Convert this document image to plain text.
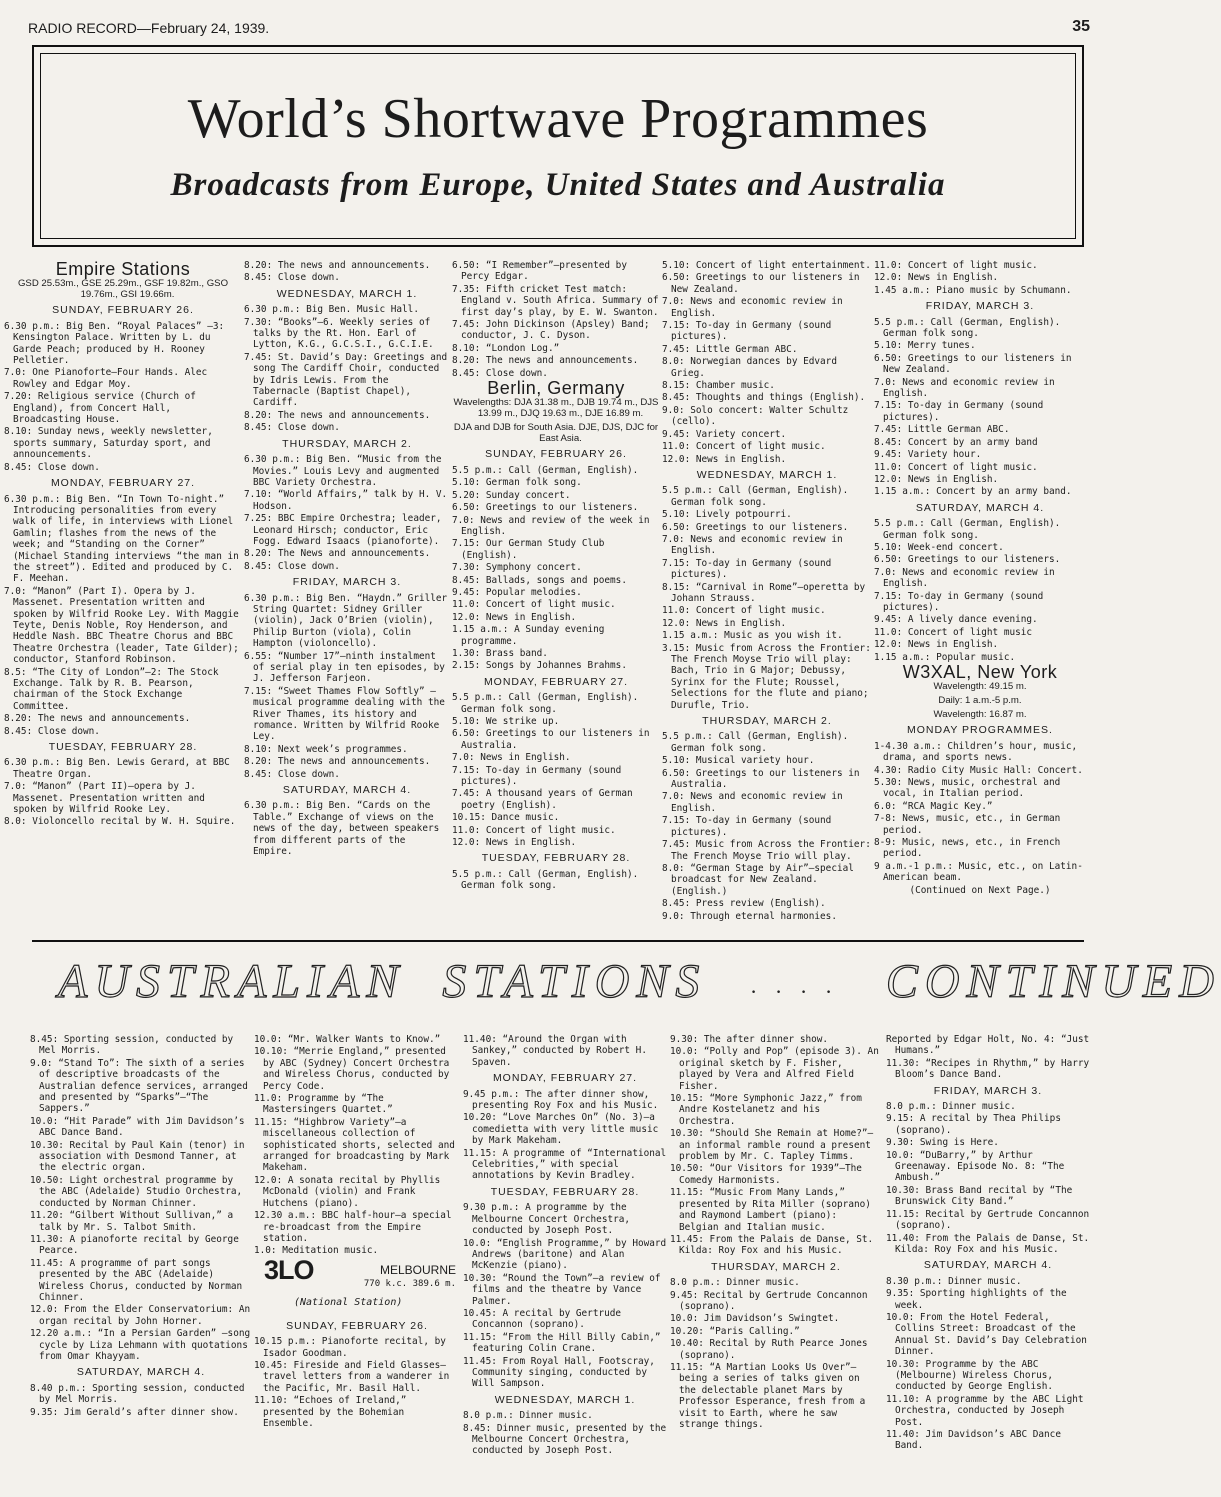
RADIO RECORD—February 24, 1939.	35
World’s Shortwave Programmes
Broadcasts from Europe, United States and Australia
Empire Stations

GSD 25.53m., GSE 25.29m., GSF 19.82m., GSO 19.76m., GSI 19.66m.

SUNDAY, FEBRUARY 26.

6.30 p.m.: Big Ben. “Royal Palaces” —3: Kensington Palace. Written by L. du Garde Peach; produced by H. Rooney Pelletier.

7.0: One Pianoforte—Four Hands. Alec Rowley and Edgar Moy.

7.20: Religious service (Church of England), from Concert Hall, Broadcasting House.

8.10: Sunday news, weekly newsletter, sports summary, Saturday sport, and announcements.

8.45: Close down.

MONDAY, FEBRUARY 27.

6.30 p.m.: Big Ben. “In Town To-night.” Introducing personalities from every walk of life, in interviews with Lionel Gamlin; flashes from the news of the week; and “Standing on the Corner” (Michael Standing interviews “the man in the street”). Edited and produced by C. F. Meehan.

7.0: “Manon” (Part I). Opera by J. Massenet. Presentation written and spoken by Wilfrid Rooke Ley. With Maggie Teyte, Denis Noble, Roy Henderson, and Heddle Nash. BBC Theatre Chorus and BBC Theatre Orchestra (leader, Tate Gilder); conductor, Stanford Robinson.

8.5: “The City of London”—2: The Stock Exchange. Talk by R. B. Pearson, chairman of the Stock Exchange Committee.

8.20: The news and announcements.

8.45: Close down.

TUESDAY, FEBRUARY 28.

6.30 p.m.: Big Ben. Lewis Gerard, at BBC Theatre Organ.

7.0: “Manon” (Part II)—opera by J. Massenet. Presentation written and spoken by Wilfrid Rooke Ley.

8.0: Violoncello recital by W. H. Squire.

8.20: The news and announcements.

8.45: Close down.

WEDNESDAY, MARCH 1.

6.30 p.m.: Big Ben. Music Hall.

7.30: “Books”—6. Weekly series of talks by the Rt. Hon. Earl of Lytton, K.G., G.C.S.I., G.C.I.E.

7.45: St. David’s Day: Greetings and song The Cardiff Choir, conducted by Idris Lewis. From the Tabernacle (Baptist Chapel), Cardiff.

8.20: The news and announcements.

8.45: Close down.

THURSDAY, MARCH 2.

6.30 p.m.: Big Ben. “Music from the Movies.” Louis Levy and augmented BBC Variety Orchestra.

7.10: “World Affairs,” talk by H. V. Hodson.

7.25: BBC Empire Orchestra; leader, Leonard Hirsch; conductor, Eric Fogg. Edward Isaacs (pianoforte).

8.20: The News and announcements.

8.45: Close down.

FRIDAY, MARCH 3.

6.30 p.m.: Big Ben. “Haydn.” Griller String Quartet: Sidney Griller (violin), Jack O’Brien (violin), Philip Burton (viola), Colin Hampton (violoncello).

6.55: “Number 17”—ninth instalment of serial play in ten episodes, by J. Jefferson Farjeon.

7.15: “Sweet Thames Flow Softly” —musical programme dealing with the River Thames, its history and romance. Written by Wilfrid Rooke Ley.

8.10: Next week’s programmes.

8.20: The news and announcements.

8.45: Close down.

SATURDAY, MARCH 4.

6.30 p.m.: Big Ben. “Cards on the Table.” Exchange of views on the news of the day, between speakers from different parts of the Empire.

6.50: “I Remember”—presented by Percy Edgar.

7.35: Fifth cricket Test match: England v. South Africa. Summary of first day’s play, by E. W. Swanton.

7.45: John Dickinson (Apsley) Band; conductor, J. C. Dyson.

8.10: “London Log.”

8.20: The news and announcements.

8.45: Close down.

Berlin, Germany

Wavelengths: DJA 31.38 m., DJB 19.74 m., DJS 13.99 m., DJQ 19.63 m., DJE 16.89 m.

DJA and DJB for South Asia. DJE, DJS, DJC for East Asia.

SUNDAY, FEBRUARY 26.

5.5 p.m.: Call (German, English).

5.10: German folk song.

5.20: Sunday concert.

6.50: Greetings to our listeners.

7.0: News and review of the week in English.

7.15: Our German Study Club (English).

7.30: Symphony concert.

8.45: Ballads, songs and poems.

9.45: Popular melodies.

11.0: Concert of light music.

12.0: News in English.

1.15 a.m.: A Sunday evening programme.

1.30: Brass band.

2.15: Songs by Johannes Brahms.

MONDAY, FEBRUARY 27.

5.5 p.m.: Call (German, English). German folk song.

5.10: We strike up.

6.50: Greetings to our listeners in Australia.

7.0: News in English.

7.15: To-day in Germany (sound pictures).

7.45: A thousand years of German poetry (English).

10.15: Dance music.

11.0: Concert of light music.

12.0: News in English.

TUESDAY, FEBRUARY 28.

5.5 p.m.: Call (German, English). German folk song.

5.10: Concert of light entertainment.

6.50: Greetings to our listeners in New Zealand.

7.0: News and economic review in English.

7.15: To-day in Germany (sound pictures).

7.45: Little German ABC.

8.0: Norwegian dances by Edvard Grieg.

8.15: Chamber music.

8.45: Thoughts and things (English).

9.0: Solo concert: Walter Schultz (cello).

9.45: Variety concert.

11.0: Concert of light music.

12.0: News in English.

WEDNESDAY, MARCH 1.

5.5 p.m.: Call (German, English). German folk song.

5.10: Lively potpourri.

6.50: Greetings to our listeners.

7.0: News and economic review in English.

7.15: To-day in Germany (sound pictures).

8.15: “Carnival in Rome”—operetta by Johann Strauss.

11.0: Concert of light music.

12.0: News in English.

1.15 a.m.: Music as you wish it.

3.15: Music from Across the Frontier: The French Moyse Trio will play: Bach, Trio in G Major; Debussy, Syrinx for the Flute; Roussel, Selections for the flute and piano; Durufle, Trio.

THURSDAY, MARCH 2.

5.5 p.m.: Call (German, English). German folk song.

5.10: Musical variety hour.

6.50: Greetings to our listeners in Australia.

7.0: News and economic review in English.

7.15: To-day in Germany (sound pictures).

7.45: Music from Across the Frontier: The French Moyse Trio will play.

8.0: “German Stage by Air”—special broadcast for New Zealand. (English.)

8.45: Press review (English).

9.0: Through eternal harmonies.

11.0: Concert of light music.

12.0: News in English.

1.45 a.m.: Piano music by Schumann.

FRIDAY, MARCH 3.

5.5 p.m.: Call (German, English). German folk song.

5.10: Merry tunes.

6.50: Greetings to our listeners in New Zealand.

7.0: News and economic review in English.

7.15: To-day in Germany (sound pictures).

7.45: Little German ABC.

8.45: Concert by an army band

9.45: Variety hour.

11.0: Concert of light music.

12.0: News in English.

1.15 a.m.: Concert by an army band.

SATURDAY, MARCH 4.

5.5 p.m.: Call (German, English). German folk song.

5.10: Week-end concert.

6.50: Greetings to our listeners.

7.0: News and economic review in English.

7.15: To-day in Germany (sound pictures).

9.45: A lively dance evening.

11.0: Concert of light music

12.0: News in English.

1.15 a.m.: Popular music.

W3XAL, New York

Wavelength: 49.15 m.

Daily: 1 a.m.-5 p.m.

Wavelength: 16.87 m.

MONDAY PROGRAMMES.

1-4.30 a.m.: Children’s hour, music, drama, and sports news.

4.30: Radio City Music Hall: Concert.

5.30: News, music, orchestral and vocal, in Italian period.

6.0: “RCA Magic Key.”

7-8: News, music, etc., in German period.

8-9: Music, news, etc., in French period.

9 a.m.-1 p.m.: Music, etc., on Latin-American beam.

(Continued on Next Page.)

AUSTRALIAN STATIONS . . . . CONTINUED

8.45: Sporting session, conducted by Mel Morris.

9.0: “Stand To”: The sixth of a series of descriptive broadcasts of the Australian defence services, arranged and presented by “Sparks”—“The Sappers.”

10.0: “Hit Parade” with Jim Davidson’s ABC Dance Band.

10.30: Recital by Paul Kain (tenor) in association with Desmond Tanner, at the electric organ.

10.50: Light orchestral programme by the ABC (Adelaide) Studio Orchestra, conducted by Norman Chinner.

11.20: “Gilbert Without Sullivan,” a talk by Mr. S. Talbot Smith.

11.30: A pianoforte recital by George Pearce.

11.45: A programme of part songs presented by the ABC (Adelaide) Wireless Chorus, conducted by Norman Chinner.

12.0: From the Elder Conservatorium: An organ recital by John Horner.

12.20 a.m.: “In a Persian Garden” —song cycle by Liza Lehmann with quotations from Omar Khayyam.

SATURDAY, MARCH 4.

8.40 p.m.: Sporting session, conducted by Mel Morris.

9.35: Jim Gerald’s after dinner show.

10.0: “Mr. Walker Wants to Know.”

10.10: “Merrie England,” presented by ABC (Sydney) Concert Orchestra and Wireless Chorus, conducted by Percy Code.

11.0: Programme by “The Mastersingers Quartet.”

11.15: “Highbrow Variety”—a miscellaneous collection of sophisticated shorts, selected and arranged for broadcasting by Mark Makeham.

12.0: A sonata recital by Phyllis McDonald (violin) and Frank Hutchens (piano).

12.30 a.m.: BBC half-hour—a special re-broadcast from the Empire station.

1.0: Meditation music.

3LO	MELBOURNE
770 k.c. 389.6 m.
(National Station)

SUNDAY, FEBRUARY 26.

10.15 p.m.: Pianoforte recital, by Isador Goodman.

10.45: Fireside and Field Glasses—travel letters from a wanderer in the Pacific, Mr. Basil Hall.

11.10: “Echoes of Ireland,” presented by the Bohemian Ensemble.

11.40: “Around the Organ with Sankey,” conducted by Robert H. Spaven.

MONDAY, FEBRUARY 27.

9.45 p.m.: The after dinner show, presenting Roy Fox and his Music.

10.20: “Love Marches On” (No. 3)—a comedietta with very little music by Mark Makeham.

11.15: A programme of “International Celebrities,” with special annotations by Kevin Bradley.

TUESDAY, FEBRUARY 28.

9.30 p.m.: A programme by the Melbourne Concert Orchestra, conducted by Joseph Post.

10.0: “English Programme,” by Howard Andrews (baritone) and Alan McKenzie (piano).

10.30: “Round the Town”—a review of films and the theatre by Vance Palmer.

10.45: A recital by Gertrude Concannon (soprano).

11.15: “From the Hill Billy Cabin,” featuring Colin Crane.

11.45: From Royal Hall, Footscray, Community singing, conducted by Will Sampson.

WEDNESDAY, MARCH 1.

8.0 p.m.: Dinner music.

8.45: Dinner music, presented by the Melbourne Concert Orchestra, conducted by Joseph Post.

9.30: The after dinner show.

10.0: “Polly and Pop” (episode 3). An original sketch by F. Fisher, played by Vera and Alfred Field Fisher.

10.15: “More Symphonic Jazz,” from Andre Kostelanetz and his Orchestra.

10.30: “Should She Remain at Home?”—an informal ramble round a present problem by Mr. C. Tapley Timms.

10.50: “Our Visitors for 1939”—The Comedy Harmonists.

11.15: “Music From Many Lands,” presented by Rita Miller (soprano) and Raymond Lambert (piano): Belgian and Italian music.

11.45: From the Palais de Danse, St. Kilda: Roy Fox and his Music.

THURSDAY, MARCH 2.

8.0 p.m.: Dinner music.

9.45: Recital by Gertrude Concannon (soprano).

10.0: Jim Davidson’s Swingtet.

10.20: “Paris Calling.”

10.40: Recital by Ruth Pearce Jones (soprano).

11.15: “A Martian Looks Us Over”—being a series of talks given on the delectable planet Mars by Professor Esperance, fresh from a visit to Earth, where he saw strange things.

Reported by Edgar Holt, No. 4: “Just Humans.”

11.30: “Recipes in Rhythm,” by Harry Bloom’s Dance Band.

FRIDAY, MARCH 3.

8.0 p.m.: Dinner music.

9.15: A recital by Thea Philips (soprano).

9.30: Swing is Here.

10.0: “DuBarry,” by Arthur Greenaway. Episode No. 8: “The Ambush.”

10.30: Brass Band recital by “The Brunswick City Band.”

11.15: Recital by Gertrude Concannon (soprano).

11.40: From the Palais de Danse, St. Kilda: Roy Fox and his Music.

SATURDAY, MARCH 4.

8.30 p.m.: Dinner music.

9.35: Sporting highlights of the week.

10.0: From the Hotel Federal, Collins Street: Broadcast of the Annual St. David’s Day Celebration Dinner.

10.30: Programme by the ABC (Melbourne) Wireless Chorus, conducted by George English.

11.10: A programme by the ABC Light Orchestra, conducted by Joseph Post.

11.40: Jim Davidson’s ABC Dance Band.
